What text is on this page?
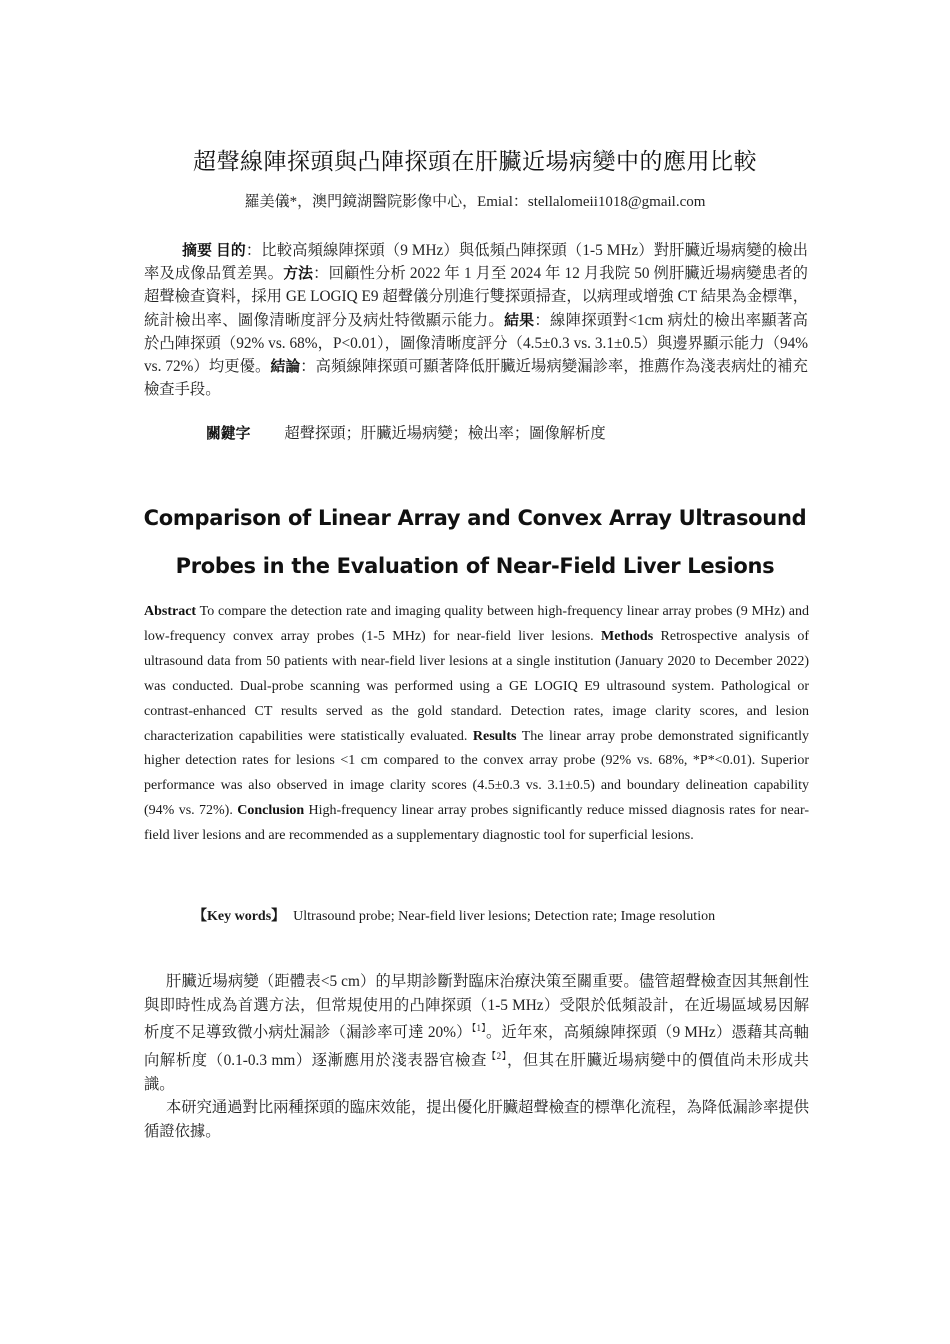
超聲線陣探頭與凸陣探頭在肝臟近場病變中的應用比較
羅美儀*，澳門鏡湖醫院影像中心，Emial：stellalomeii1018@gmail.com
摘要 目的：比較高頻線陣探頭（9 MHz）與低頻凸陣探頭（1-5 MHz）對肝臟近場病變的檢出率及成像品質差異。方法：回顧性分析 2022 年 1 月至 2024 年 12 月我院 50 例肝臟近場病變患者的超聲檢查資料，採用 GE LOGIQ E9 超聲儀分別進行雙探頭掃查，以病理或增強 CT 結果為金標準，統計檢出率、圖像清晰度評分及病灶特徵顯示能力。結果：線陣探頭對<1cm 病灶的檢出率顯著高於凸陣探頭（92% vs. 68%，P<0.01），圖像清晰度評分（4.5±0.3 vs. 3.1±0.5）與邊界顯示能力（94% vs. 72%）均更優。結論：高頻線陣探頭可顯著降低肝臟近場病變漏診率，推薦作為淺表病灶的補充檢查手段。
關鍵字 超聲探頭；肝臟近場病變；檢出率；圖像解析度
Comparison of Linear Array and Convex Array Ultrasound
Probes in the Evaluation of Near-Field Liver Lesions
Abstract To compare the detection rate and imaging quality between high-frequency linear array probes (9 MHz) and low-frequency convex array probes (1-5 MHz) for near-field liver lesions. Methods Retrospective analysis of ultrasound data from 50 patients with near-field liver lesions at a single institution (January 2020 to December 2022) was conducted. Dual-probe scanning was performed using a GE LOGIQ E9 ultrasound system. Pathological or contrast-enhanced CT results served as the gold standard. Detection rates, image clarity scores, and lesion characterization capabilities were statistically evaluated. Results The linear array probe demonstrated significantly higher detection rates for lesions <1 cm compared to the convex array probe (92% vs. 68%, *P*<0.01). Superior performance was also observed in image clarity scores (4.5±0.3 vs. 3.1±0.5) and boundary delineation capability (94% vs. 72%). Conclusion High-frequency linear array probes significantly reduce missed diagnosis rates for near-field liver lesions and are recommended as a supplementary diagnostic tool for superficial lesions.
【Key words】 Ultrasound probe; Near-field liver lesions; Detection rate; Image resolution

肝臟近場病變（距體表<5 cm）的早期診斷對臨床治療決策至關重要。儘管超聲檢查因其無創性與即時性成為首選方法，但常規使用的凸陣探頭（1-5 MHz）受限於低頻設計，在近場區域易因解析度不足導致微小病灶漏診（漏診率可達 20%）$^{【1】}$。近年來，高頻線陣探頭（9 MHz）憑藉其高軸向解析度（0.1-0.3 mm）逐漸應用於淺表器官檢查$^{【2】}$，但其在肝臟近場病變中的價值尚未形成共識。

本研究通過對比兩種探頭的臨床效能，提出優化肝臟超聲檢查的標準化流程，為降低漏診率提供循證依據。
